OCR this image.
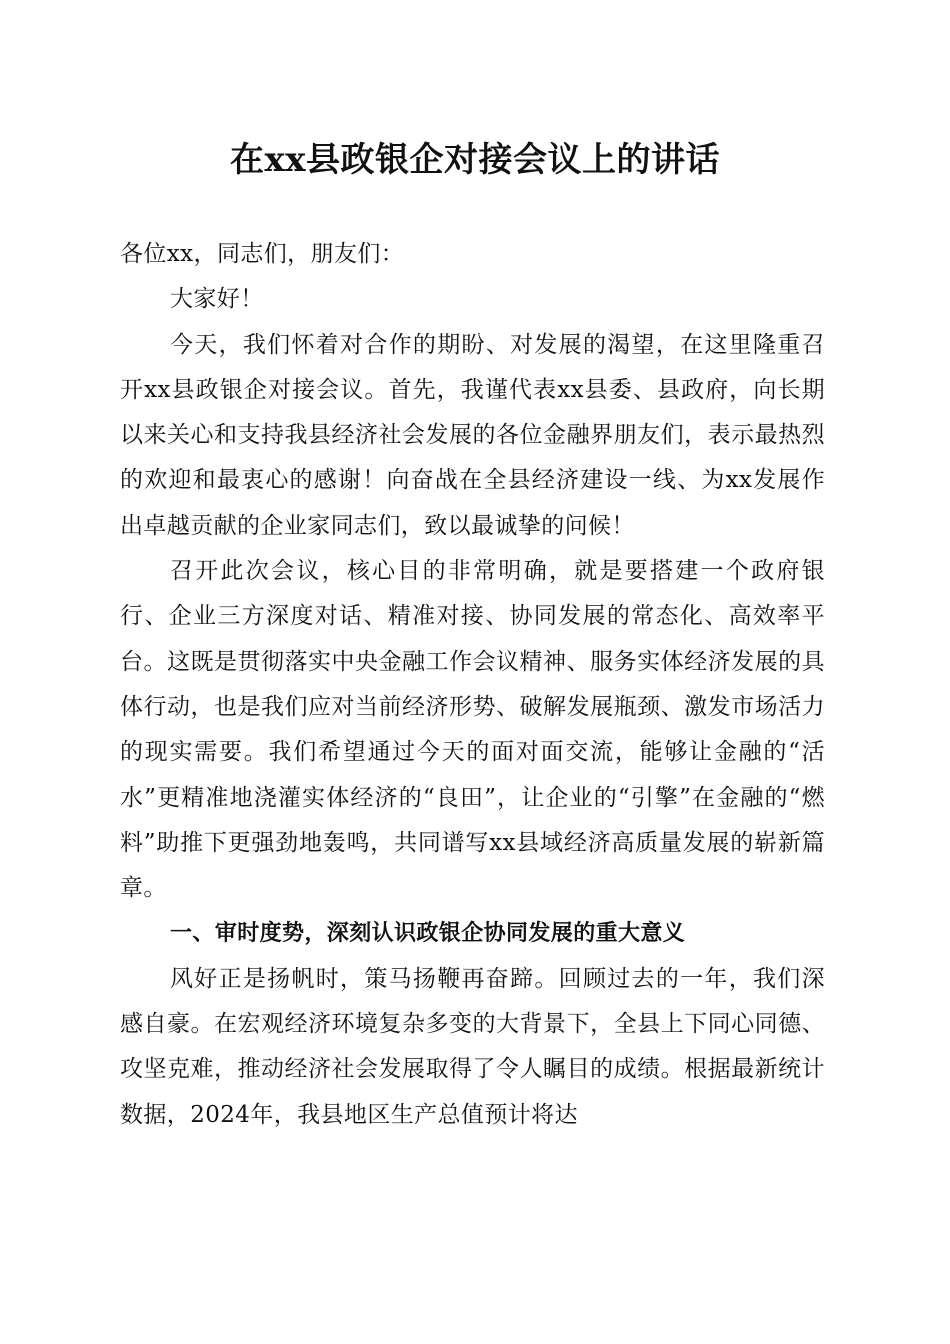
在xx县政银企对接会议上的讲话

各位xx，同志们，朋友们：

大家好！

今天，我们怀着对合作的期盼、对发展的渴望，在这里隆重召开xx县政银企对接会议。首先，我谨代表xx县委、县政府，向长期以来关心和支持我县经济社会发展的各位金融界朋友们，表示最热烈的欢迎和最衷心的感谢！向奋战在全县经济建设一线、为xx发展作出卓越贡献的企业家同志们，致以最诚挚的问候！

召开此次会议，核心目的非常明确，就是要搭建一个政府银行、企业三方深度对话、精准对接、协同发展的常态化、高效率平台。这既是贯彻落实中央金融工作会议精神、服务实体经济发展的具体行动，也是我们应对当前经济形势、破解发展瓶颈、激发市场活力的现实需要。我们希望通过今天的面对面交流，能够让金融的“活水”更精准地浇灌实体经济的“良田”，让企业的“引擎”在金融的“燃料”助推下更强劲地轰鸣，共同谱写xx县域经济高质量发展的崭新篇章。

一、审时度势，深刻认识政银企协同发展的重大意义

风好正是扬帆时，策马扬鞭再奋蹄。回顾过去的一年，我们深感自豪。在宏观经济环境复杂多变的大背景下，全县上下同心同德、攻坚克难，推动经济社会发展取得了令人瞩目的成绩。根据最新统计数据，2024年，我县地区生产总值预计将达
